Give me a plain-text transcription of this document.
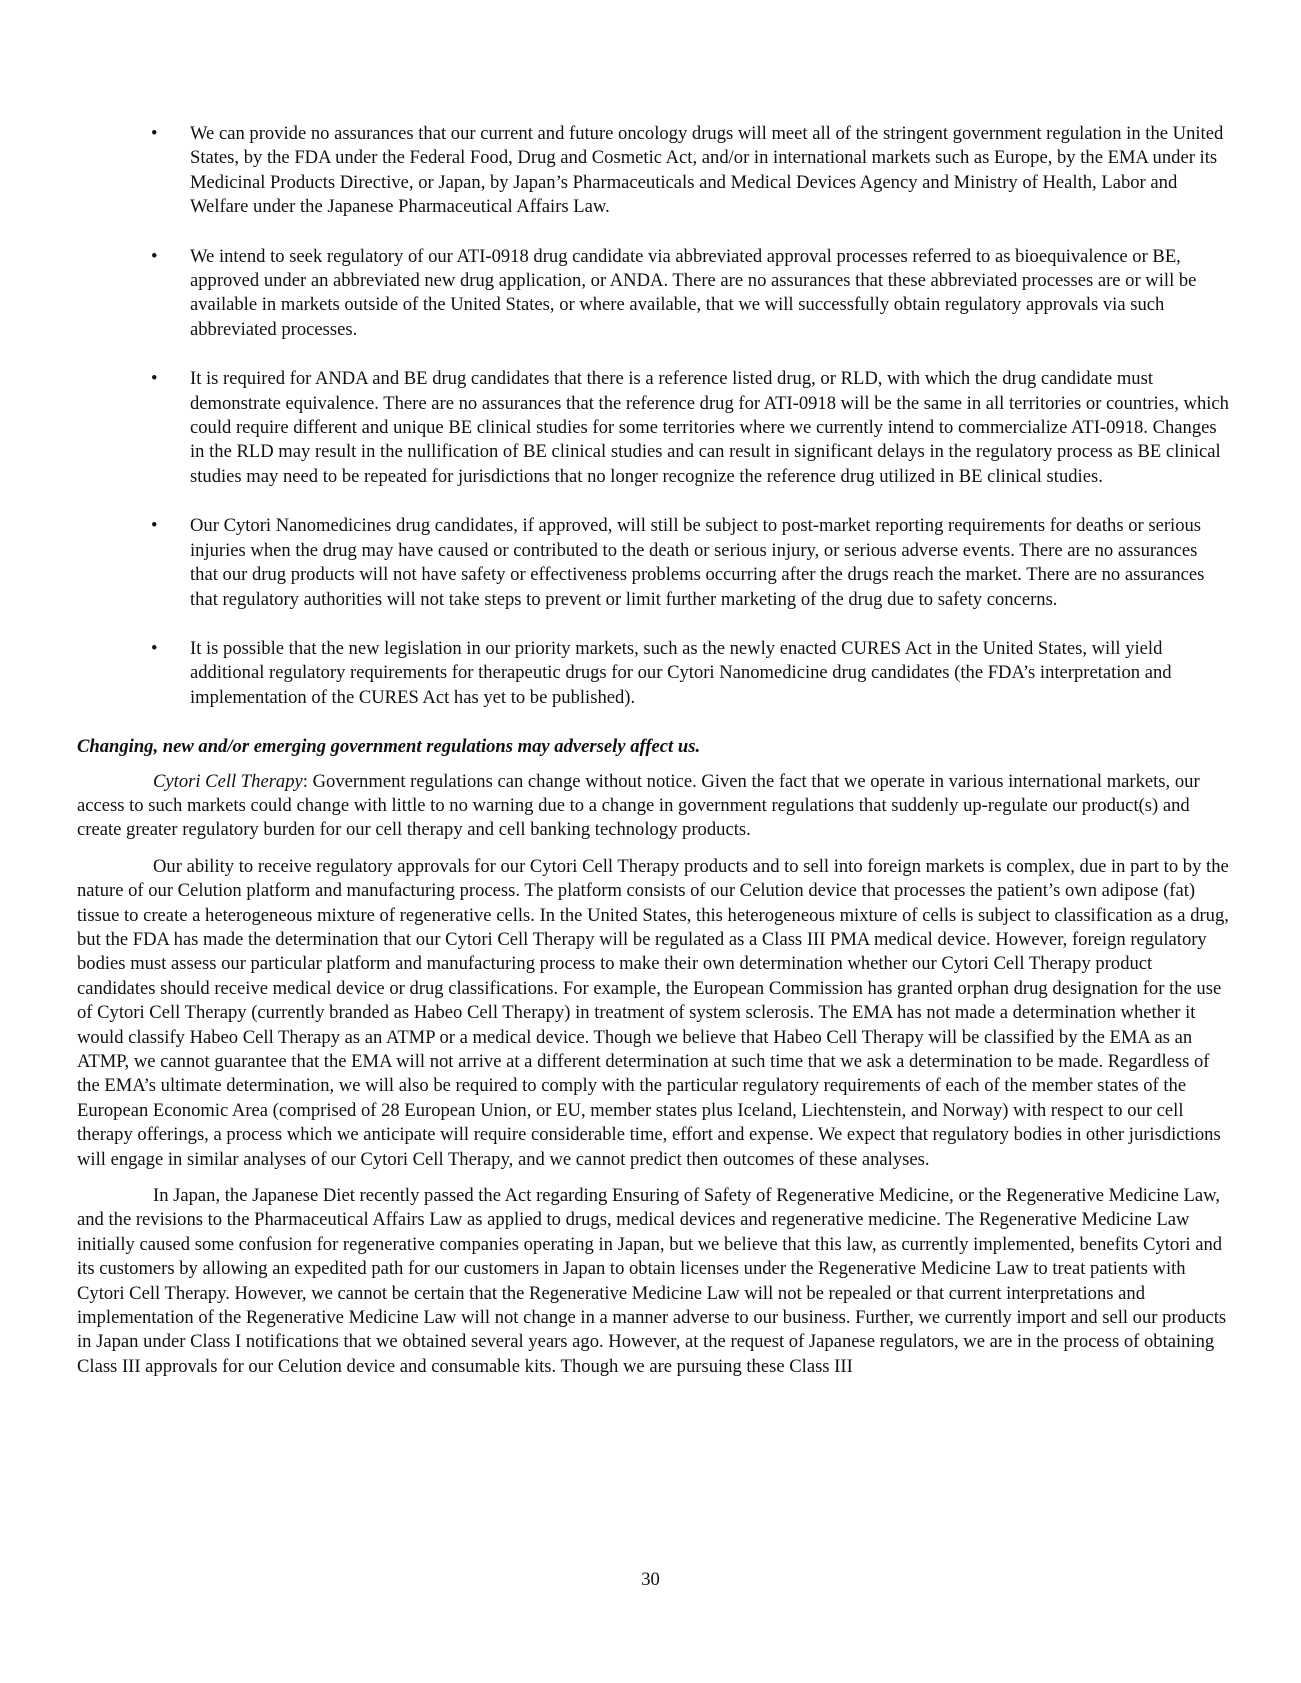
• We can provide no assurances that our current and future oncology drugs will meet all of the stringent government regulation in the United States, by the FDA under the Federal Food, Drug and Cosmetic Act, and/or in international markets such as Europe, by the EMA under its Medicinal Products Directive, or Japan, by Japan’s Pharmaceuticals and Medical Devices Agency and Ministry of Health, Labor and Welfare under the Japanese Pharmaceutical Affairs Law.
• We intend to seek regulatory of our ATI-0918 drug candidate via abbreviated approval processes referred to as bioequivalence or BE, approved under an abbreviated new drug application, or ANDA. There are no assurances that these abbreviated processes are or will be available in markets outside of the United States, or where available, that we will successfully obtain regulatory approvals via such abbreviated processes.
• It is required for ANDA and BE drug candidates that there is a reference listed drug, or RLD, with which the drug candidate must demonstrate equivalence. There are no assurances that the reference drug for ATI-0918 will be the same in all territories or countries, which could require different and unique BE clinical studies for some territories where we currently intend to commercialize ATI-0918. Changes in the RLD may result in the nullification of BE clinical studies and can result in significant delays in the regulatory process as BE clinical studies may need to be repeated for jurisdictions that no longer recognize the reference drug utilized in BE clinical studies.
• Our Cytori Nanomedicines drug candidates, if approved, will still be subject to post-market reporting requirements for deaths or serious injuries when the drug may have caused or contributed to the death or serious injury, or serious adverse events. There are no assurances that our drug products will not have safety or effectiveness problems occurring after the drugs reach the market. There are no assurances that regulatory authorities will not take steps to prevent or limit further marketing of the drug due to safety concerns.
• It is possible that the new legislation in our priority markets, such as the newly enacted CURES Act in the United States, will yield additional regulatory requirements for therapeutic drugs for our Cytori Nanomedicine drug candidates (the FDA’s interpretation and implementation of the CURES Act has yet to be published).
Changing, new and/or emerging government regulations may adversely affect us.

Cytori Cell Therapy: Government regulations can change without notice. Given the fact that we operate in various international markets, our access to such markets could change with little to no warning due to a change in government regulations that suddenly up-regulate our product(s) and create greater regulatory burden for our cell therapy and cell banking technology products.

Our ability to receive regulatory approvals for our Cytori Cell Therapy products and to sell into foreign markets is complex, due in part to by the nature of our Celution platform and manufacturing process. The platform consists of our Celution device that processes the patient’s own adipose (fat) tissue to create a heterogeneous mixture of regenerative cells. In the United States, this heterogeneous mixture of cells is subject to classification as a drug, but the FDA has made the determination that our Cytori Cell Therapy will be regulated as a Class III PMA medical device. However, foreign regulatory bodies must assess our particular platform and manufacturing process to make their own determination whether our Cytori Cell Therapy product candidates should receive medical device or drug classifications. For example, the European Commission has granted orphan drug designation for the use of Cytori Cell Therapy (currently branded as Habeo Cell Therapy) in treatment of system sclerosis. The EMA has not made a determination whether it would classify Habeo Cell Therapy as an ATMP or a medical device. Though we believe that Habeo Cell Therapy will be classified by the EMA as an ATMP, we cannot guarantee that the EMA will not arrive at a different determination at such time that we ask a determination to be made. Regardless of the EMA’s ultimate determination, we will also be required to comply with the particular regulatory requirements of each of the member states of the European Economic Area (comprised of 28 European Union, or EU, member states plus Iceland, Liechtenstein, and Norway) with respect to our cell therapy offerings, a process which we anticipate will require considerable time, effort and expense. We expect that regulatory bodies in other jurisdictions will engage in similar analyses of our Cytori Cell Therapy, and we cannot predict then outcomes of these analyses.

In Japan, the Japanese Diet recently passed the Act regarding Ensuring of Safety of Regenerative Medicine, or the Regenerative Medicine Law, and the revisions to the Pharmaceutical Affairs Law as applied to drugs, medical devices and regenerative medicine. The Regenerative Medicine Law initially caused some confusion for regenerative companies operating in Japan, but we believe that this law, as currently implemented, benefits Cytori and its customers by allowing an expedited path for our customers in Japan to obtain licenses under the Regenerative Medicine Law to treat patients with Cytori Cell Therapy. However, we cannot be certain that the Regenerative Medicine Law will not be repealed or that current interpretations and implementation of the Regenerative Medicine Law will not change in a manner adverse to our business. Further, we currently import and sell our products in Japan under Class I notifications that we obtained several years ago. However, at the request of Japanese regulators, we are in the process of obtaining Class III approvals for our Celution device and consumable kits. Though we are pursuing these Class III

30
